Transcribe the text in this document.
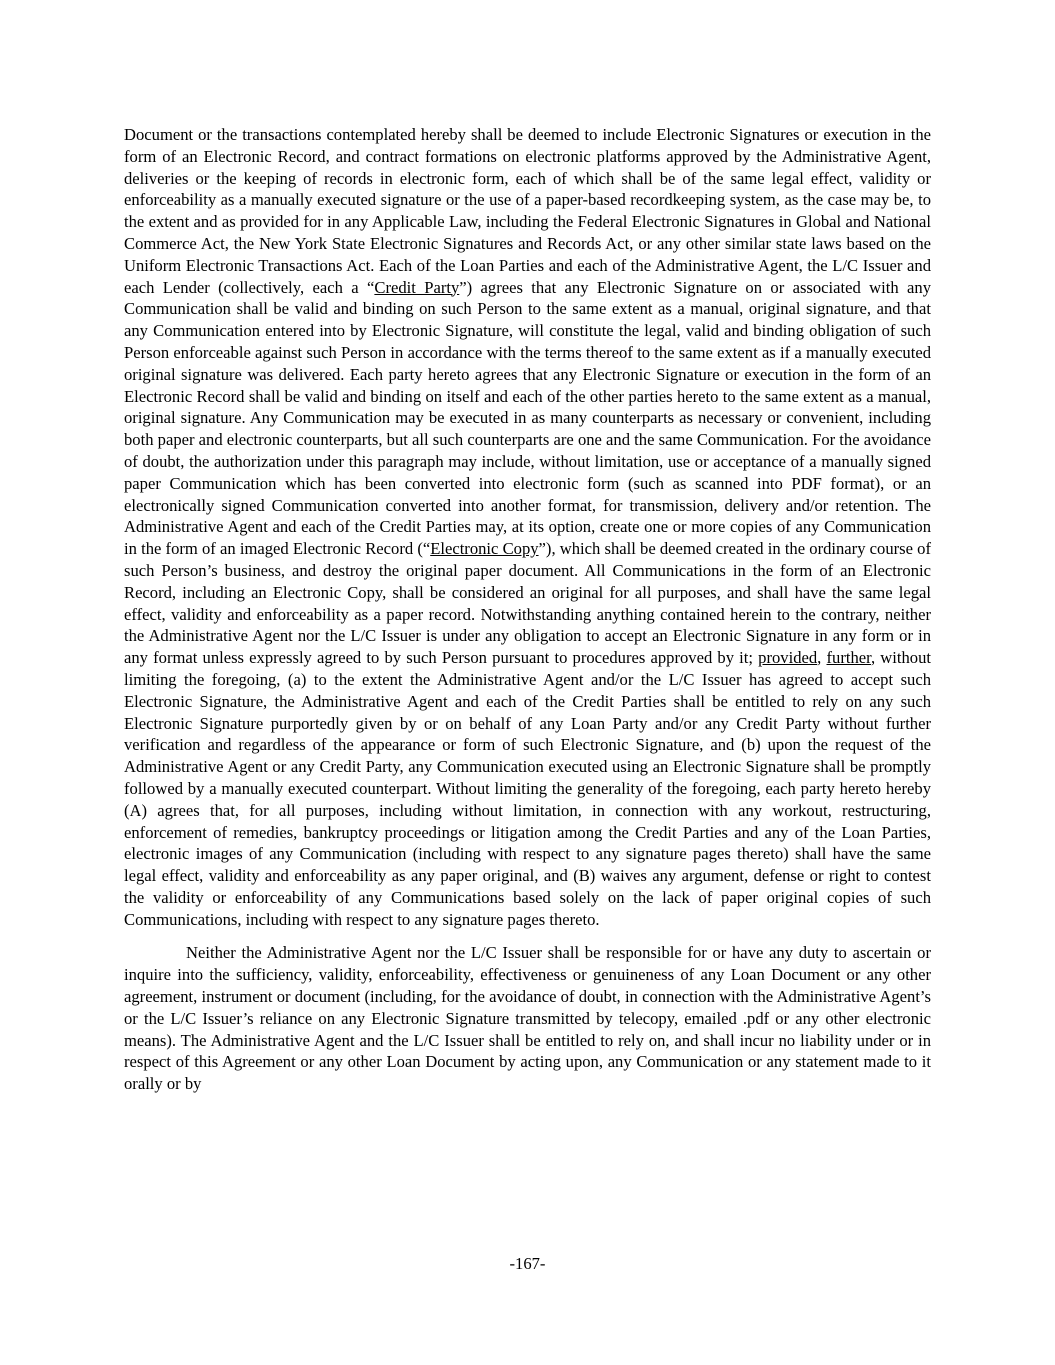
Document or the transactions contemplated hereby shall be deemed to include Electronic Signatures or execution in the form of an Electronic Record, and contract formations on electronic platforms approved by the Administrative Agent, deliveries or the keeping of records in electronic form, each of which shall be of the same legal effect, validity or enforceability as a manually executed signature or the use of a paper-based recordkeeping system, as the case may be, to the extent and as provided for in any Applicable Law, including the Federal Electronic Signatures in Global and National Commerce Act, the New York State Electronic Signatures and Records Act, or any other similar state laws based on the Uniform Electronic Transactions Act. Each of the Loan Parties and each of the Administrative Agent, the L/C Issuer and each Lender (collectively, each a “Credit Party”) agrees that any Electronic Signature on or associated with any Communication shall be valid and binding on such Person to the same extent as a manual, original signature, and that any Communication entered into by Electronic Signature, will constitute the legal, valid and binding obligation of such Person enforceable against such Person in accordance with the terms thereof to the same extent as if a manually executed original signature was delivered. Each party hereto agrees that any Electronic Signature or execution in the form of an Electronic Record shall be valid and binding on itself and each of the other parties hereto to the same extent as a manual, original signature. Any Communication may be executed in as many counterparts as necessary or convenient, including both paper and electronic counterparts, but all such counterparts are one and the same Communication. For the avoidance of doubt, the authorization under this paragraph may include, without limitation, use or acceptance of a manually signed paper Communication which has been converted into electronic form (such as scanned into PDF format), or an electronically signed Communication converted into another format, for transmission, delivery and/or retention. The Administrative Agent and each of the Credit Parties may, at its option, create one or more copies of any Communication in the form of an imaged Electronic Record (“Electronic Copy”), which shall be deemed created in the ordinary course of such Person’s business, and destroy the original paper document. All Communications in the form of an Electronic Record, including an Electronic Copy, shall be considered an original for all purposes, and shall have the same legal effect, validity and enforceability as a paper record. Notwithstanding anything contained herein to the contrary, neither the Administrative Agent nor the L/C Issuer is under any obligation to accept an Electronic Signature in any form or in any format unless expressly agreed to by such Person pursuant to procedures approved by it; provided, further, without limiting the foregoing, (a) to the extent the Administrative Agent and/or the L/C Issuer has agreed to accept such Electronic Signature, the Administrative Agent and each of the Credit Parties shall be entitled to rely on any such Electronic Signature purportedly given by or on behalf of any Loan Party and/or any Credit Party without further verification and regardless of the appearance or form of such Electronic Signature, and (b) upon the request of the Administrative Agent or any Credit Party, any Communication executed using an Electronic Signature shall be promptly followed by a manually executed counterpart. Without limiting the generality of the foregoing, each party hereto hereby (A) agrees that, for all purposes, including without limitation, in connection with any workout, restructuring, enforcement of remedies, bankruptcy proceedings or litigation among the Credit Parties and any of the Loan Parties, electronic images of any Communication (including with respect to any signature pages thereto) shall have the same legal effect, validity and enforceability as any paper original, and (B) waives any argument, defense or right to contest the validity or enforceability of any Communications based solely on the lack of paper original copies of such Communications, including with respect to any signature pages thereto.

Neither the Administrative Agent nor the L/C Issuer shall be responsible for or have any duty to ascertain or inquire into the sufficiency, validity, enforceability, effectiveness or genuineness of any Loan Document or any other agreement, instrument or document (including, for the avoidance of doubt, in connection with the Administrative Agent’s or the L/C Issuer’s reliance on any Electronic Signature transmitted by telecopy, emailed .pdf or any other electronic means). The Administrative Agent and the L/C Issuer shall be entitled to rely on, and shall incur no liability under or in respect of this Agreement or any other Loan Document by acting upon, any Communication or any statement made to it orally or by

-167-
